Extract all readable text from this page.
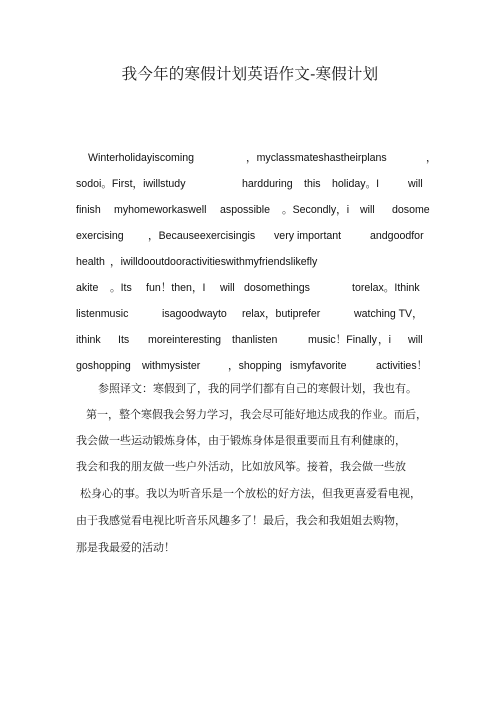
我今年的寒假计划英语作文-寒假计划
Winterholidayiscoming	，myclassmateshastheirplans	，
sodoi。First，iwillstudy	hardduring this holiday。I	will
finish myhomeworkaswell aspossible 。Secondly，i will dosome
exercising ，Becauseexercisingis very important	andgoodfor
health ，iwilldooutdooractivitieswithmyfriendslikefly
akite 。Its fun！then，I will dosomethings	torelax。Ithink
listenmusic	isagoodwayto relax，butiprefer	watching TV，
ithink Its moreinteresting thanlisten	music！Finally ，i will
goshopping withmysister	，shopping ismyfavorite	activities！
参照译文：寒假到了，我的同学们都有自己的寒假计划，我也有。
第一，整个寒假我会努力学习，我会尽可能好地达成我的作业。而后，
我会做一些运动锻炼身体，由于锻炼身体是很重要而且有利健康的，
我会和我的朋友做一些户外活动，比如放风筝。接着，我会做一些放
松身心的事。我以为听音乐是一个放松的好方法，但我更喜爱看电视，
由于我感觉看电视比听音乐风趣多了！最后，我会和我姐姐去购物，
那是我最爱的活动！
